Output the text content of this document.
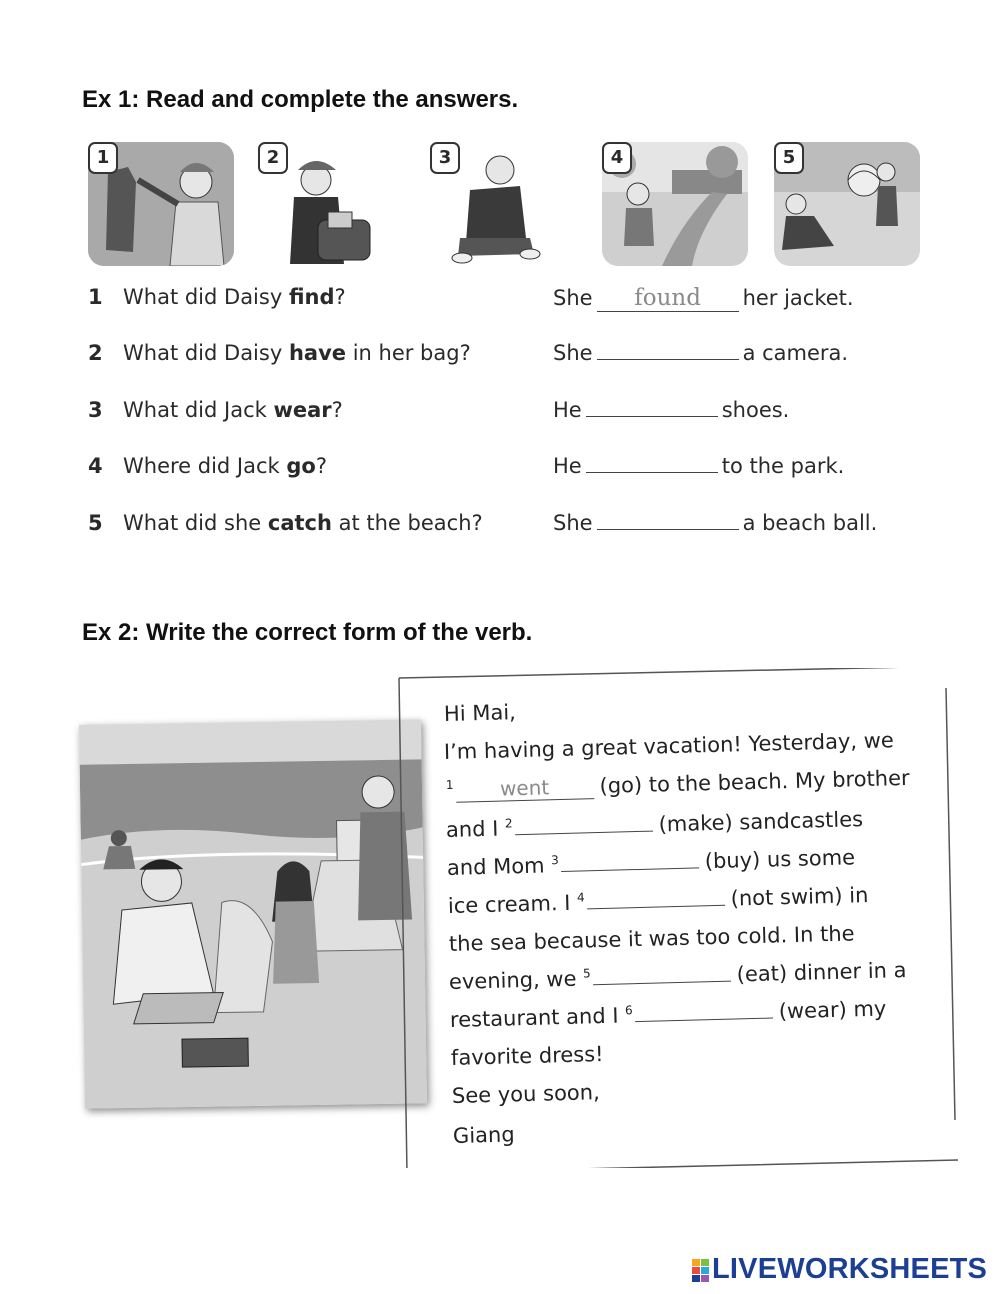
Ex 1: Read and complete the answers.
1	2	3	4	5
1 What did Daisy find?	She found her jacket.
2 What did Daisy have in her bag?	She	a camera.
3 What did Jack wear?	He	shoes.
4 Where did Jack go?	He	to the park.
5 What did she catch at the beach?	She	a beach ball.
Ex 2: Write the correct form of the verb.
Hi Mai,
I’m having a great vacation! Yesterday, we
$^1$ went (go) to the beach. My brother
and I $^2$	(make) sandcastles
and Mom $^3$	(buy) us some
ice cream. I $^4$	(not swim) in
the sea because it was too cold. In the
evening, we $^5$	(eat) dinner in a
restaurant and I $^6$	(wear) my
favorite dress!
See you soon,
Giang
LIVEWORKSHEETS
